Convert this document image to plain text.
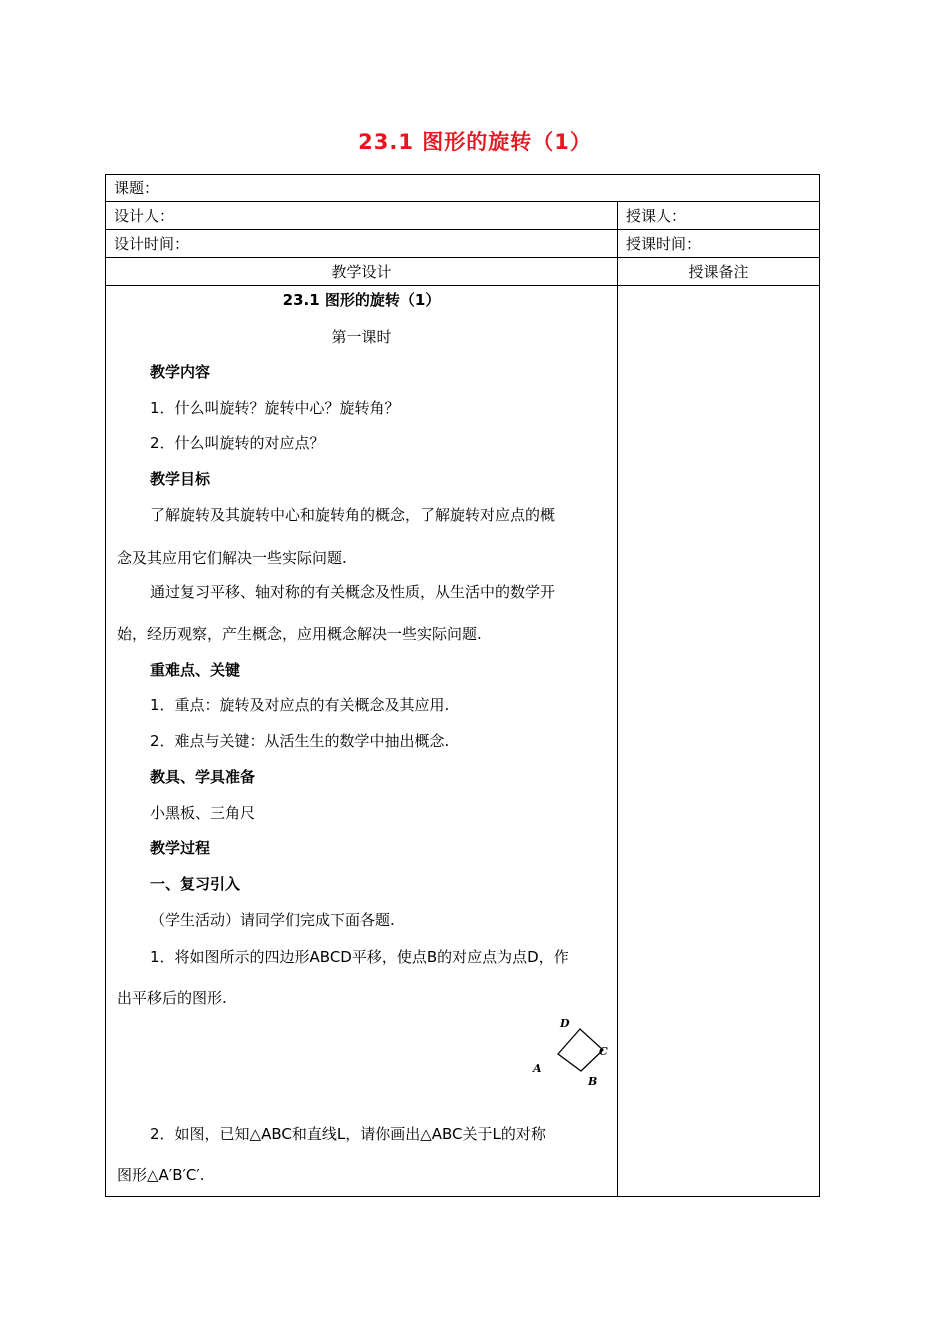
23.1 图形的旋转（1）
课题：
设计人：	授课人：
设计时间：	授课时间：
教学设计	授课备注
23.1 图形的旋转（1）
第一课时
教学内容
1．什么叫旋转？旋转中心？旋转角？
2．什么叫旋转的对应点？
教学目标
了解旋转及其旋转中心和旋转角的概念，了解旋转对应点的概
念及其应用它们解决一些实际问题.
通过复习平移、轴对称的有关概念及性质，从生活中的数学开
始，经历观察，产生概念，应用概念解决一些实际问题.
重难点、关键
1．重点：旋转及对应点的有关概念及其应用.
2．难点与关键：从活生生的数学中抽出概念.
教具、学具准备
小黑板、三角尺
教学过程
一、复习引入
（学生活动）请同学们完成下面各题.
1．将如图所示的四边形ABCD平移，使点B的对应点为点D，作
出平移后的图形.
D
C
A
B
2．如图，已知△ABC和直线L，请你画出△ABC关于L的对称
图形△A′B′C′.
